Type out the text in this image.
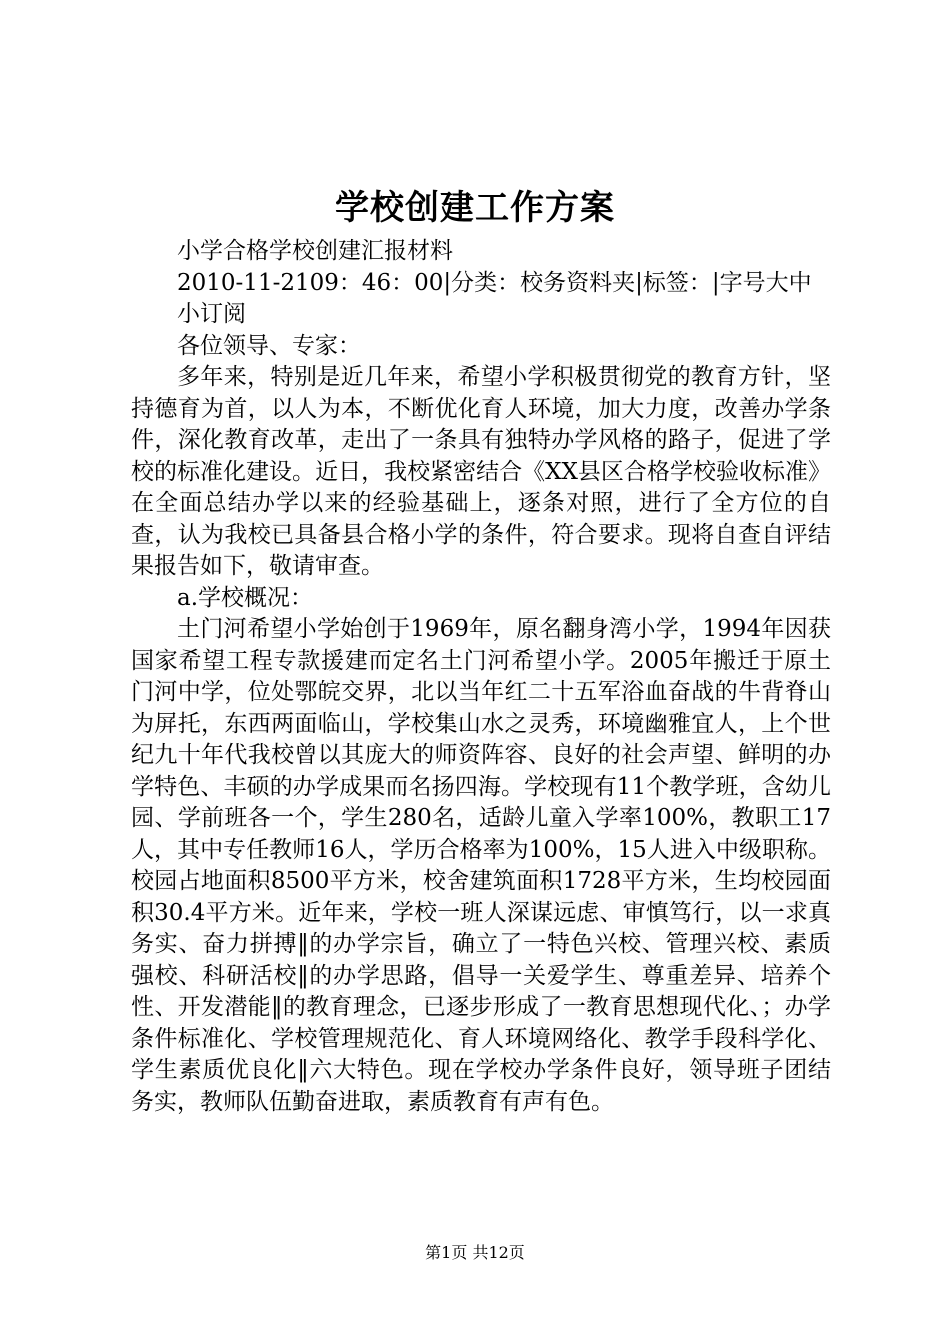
学校创建工作方案

小学合格学校创建汇报材料

2010-11-2109：46：00|分类：校务资料夹|标签：|字号大中

小订阅

各位领导、专家：

多年来，特别是近几年来，希望小学积极贯彻党的教育方针，坚持德育为首，以人为本，不断优化育人环境，加大力度，改善办学条件，深化教育改革，走出了一条具有独特办学风格的路子，促进了学校的标准化建设。近日，我校紧密结合《XX县区合格学校验收标准》在全面总结办学以来的经验基础上，逐条对照，进行了全方位的自查，认为我校已具备县合格小学的条件，符合要求。现将自查自评结果报告如下，敬请审查。

a.学校概况：

土门河希望小学始创于1969年，原名翻身湾小学，1994年因获国家希望工程专款援建而定名土门河希望小学。2005年搬迁于原土门河中学，位处鄂皖交界，北以当年红二十五军浴血奋战的牛背脊山为屏托，东西两面临山，学校集山水之灵秀，环境幽雅宜人，上个世纪九十年代我校曾以其庞大的师资阵容、良好的社会声望、鲜明的办学特色、丰硕的办学成果而名扬四海。学校现有11个教学班，含幼儿园、学前班各一个，学生280名，适龄儿童入学率100%，教职工17人，其中专任教师16人，学历合格率为100%，15人进入中级职称。校园占地面积8500平方米，校舍建筑面积1728平方米，生均校园面积30.4平方米。近年来，学校一班人深谋远虑、审慎笃行，以一求真务实、奋力拼搏‖的办学宗旨，确立了一特色兴校、管理兴校、素质强校、科研活校‖的办学思路，倡导一关爱学生、尊重差异、培养个性、开发潜能‖的教育理念，已逐步形成了一教育思想现代化、；办学条件标准化、学校管理规范化、育人环境网络化、教学手段科学化、学生素质优良化‖六大特色。现在学校办学条件良好，领导班子团结务实，教师队伍勤奋进取，素质教育有声有色。

第1页 共12页
